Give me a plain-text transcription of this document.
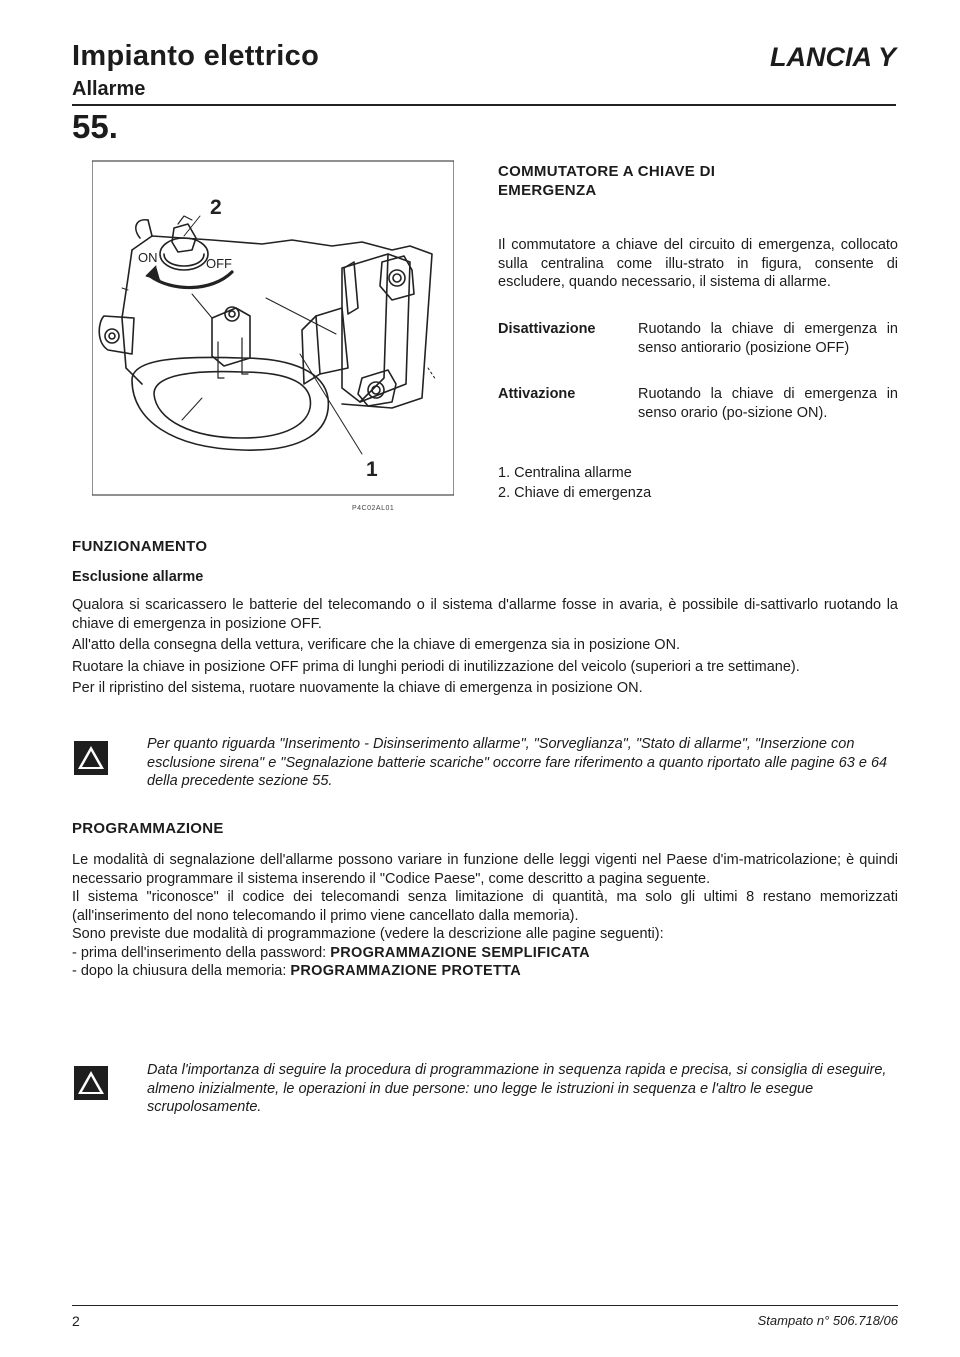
Impianto elettrico	LANCIA Y
Allarme
55.
2
1
ON	OFF
P4C02AL01
COMMUTATORE A CHIAVE DI
EMERGENZA
Il commutatore a chiave del circuito di emergenza, collocato sulla centralina come illu-strato in figura, consente di escludere, quando necessario, il sistema di allarme.
Disattivazione	Ruotando la chiave di emergenza in senso antiorario (posizione OFF)
Attivazione	Ruotando la chiave di emergenza in senso orario (po-sizione ON).
1. Centralina allarme
2. Chiave di emergenza
FUNZIONAMENTO
Esclusione allarme

Qualora si scaricassero le batterie del telecomando o il sistema d'allarme fosse in avaria, è possibile di-sattivarlo ruotando la chiave di emergenza in posizione OFF.

All'atto della consegna della vettura, verificare che la chiave di emergenza sia in posizione ON.

Ruotare la chiave in posizione OFF prima di lunghi periodi di inutilizzazione del veicolo (superiori a tre settimane).

Per il ripristino del sistema, ruotare nuovamente la chiave di emergenza in posizione ON.

Per quanto riguarda "Inserimento - Disinserimento allarme", "Sorveglianza", "Stato di allarme", "Inserzione con esclusione sirena" e "Segnalazione batterie scariche" occorre fare riferimento a quanto riportato alle pagine 63 e 64 della precedente sezione 55.
PROGRAMMAZIONE

Le modalità di segnalazione dell'allarme possono variare in funzione delle leggi vigenti nel Paese d'im-matricolazione; è quindi necessario programmare il sistema inserendo il "Codice Paese", come descritto a pagina seguente.

Il sistema "riconosce" il codice dei telecomandi senza limitazione di quantità, ma solo gli ultimi 8 restano memorizzati (all'inserimento del nono telecomando il primo viene cancellato dalla memoria).

Sono previste due modalità di programmazione (vedere la descrizione alle pagine seguenti):

- prima dell'inserimento della password: PROGRAMMAZIONE SEMPLIFICATA
- dopo la chiusura della memoria: PROGRAMMAZIONE PROTETTA
Data l'importanza di seguire la procedura di programmazione in sequenza rapida e precisa, si consiglia di eseguire, almeno inizialmente, le operazioni in due persone: uno legge le istruzioni in sequenza e l'altro le esegue scrupolosamente.
2	Stampato n° 506.718/06
